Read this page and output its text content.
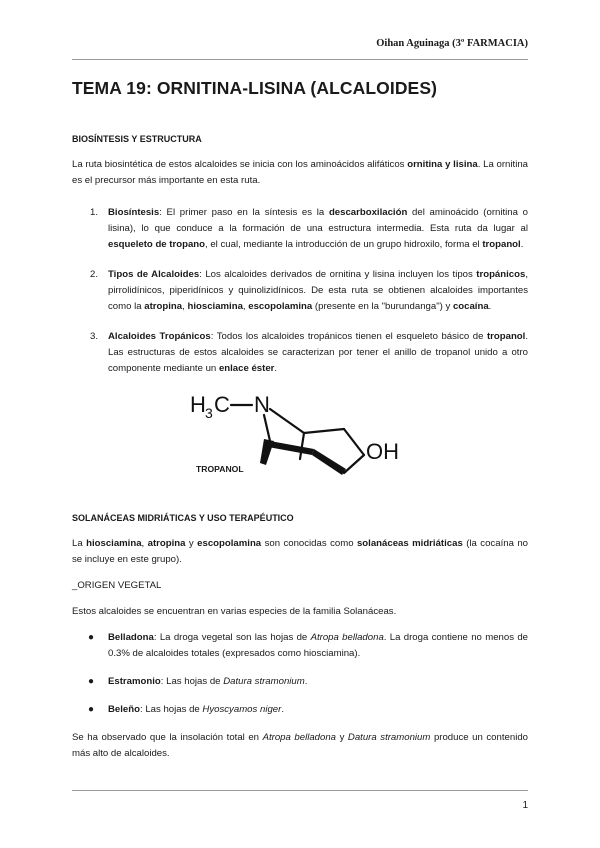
Oihan Aguinaga (3º FARMACIA)
TEMA 19: ORNITINA-LISINA (ALCALOIDES)
BIOSÍNTESIS Y ESTRUCTURA

La ruta biosintética de estos alcaloides se inicia con los aminoácidos alifáticos ornitina y lisina. La ornitina es el precursor más importante en esta ruta.

1. Biosíntesis: El primer paso en la síntesis es la descarboxilación del aminoácido (ornitina o lisina), lo que conduce a la formación de una estructura intermedia. Esta ruta da lugar al esqueleto de tropano, el cual, mediante la introducción de un grupo hidroxilo, forma el tropanol.
2. Tipos de Alcaloides: Los alcaloides derivados de ornitina y lisina incluyen los tipos tropánicos, pirrolidínicos, piperidínicos y quinolizidínicos. De esta ruta se obtienen alcaloides importantes como la atropina, hiosciamina, escopolamina (presente en la "burundanga") y cocaína.
3. Alcaloides Tropánicos: Todos los alcaloides tropánicos tienen el esqueleto básico de tropanol. Las estructuras de estos alcaloides se caracterizan por tener el anillo de tropanol unido a otro componente mediante un enlace éster.
H 3 C N
OH
TROPANOL
SOLANÁCEAS MIDRIÁTICAS Y USO TERAPÉUTICO

La hiosciamina, atropina y escopolamina son conocidas como solanáceas midriáticas (la cocaína no se incluye en este grupo).

_ORIGEN VEGETAL

Estos alcaloides se encuentran en varias especies de la familia Solanáceas.

● Belladona: La droga vegetal son las hojas de Atropa belladona. La droga contiene no menos de 0.3% de alcaloides totales (expresados como hiosciamina).
● Estramonio: Las hojas de Datura stramonium.
● Beleño: Las hojas de Hyoscyamos niger.

Se ha observado que la insolación total en Atropa belladona y Datura stramonium produce un contenido más alto de alcaloides.

1
